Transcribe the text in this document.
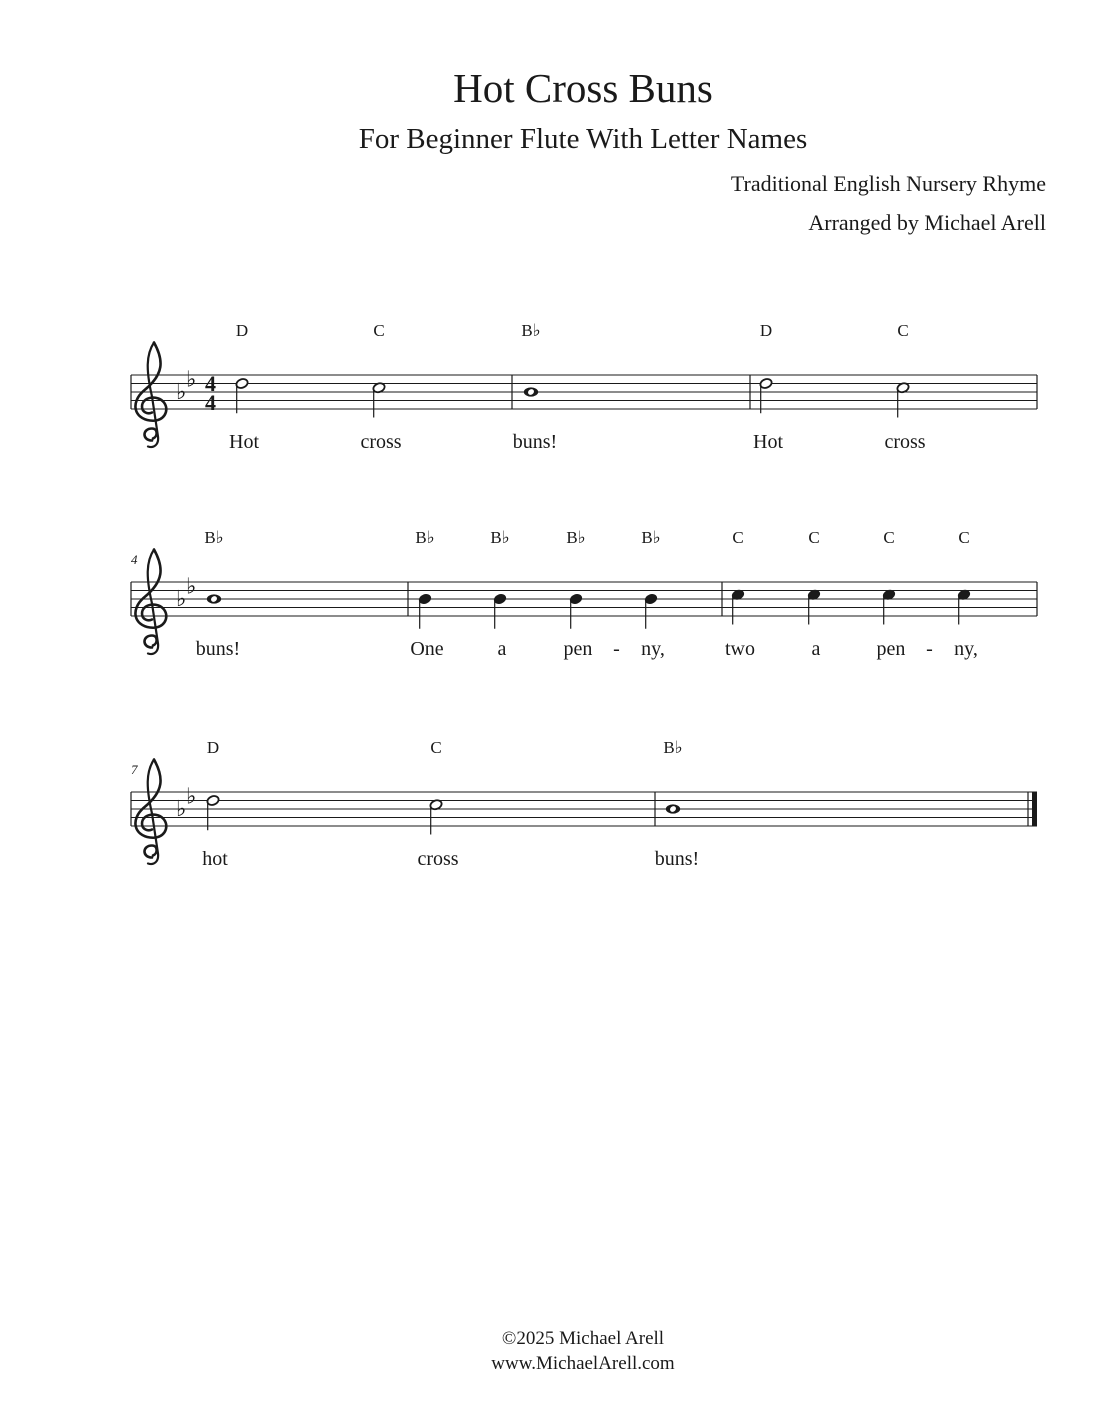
Hot Cross Buns
For Beginner Flute With Letter Names
Traditional English Nursery Rhyme
Arranged by Michael Arell
♭
♭ 4
4
D
Hot
C
cross
B♭
buns!
D
Hot
C
cross
♭
♭
4
B♭
buns!
B♭
One
B♭
a
B♭
pen
B♭
ny,
C
two
C
a
C
pen
C
ny,
-	-
♭
♭
7
D
hot
C
cross
B♭
buns!
©2025 Michael Arell
www.MichaelArell.com
